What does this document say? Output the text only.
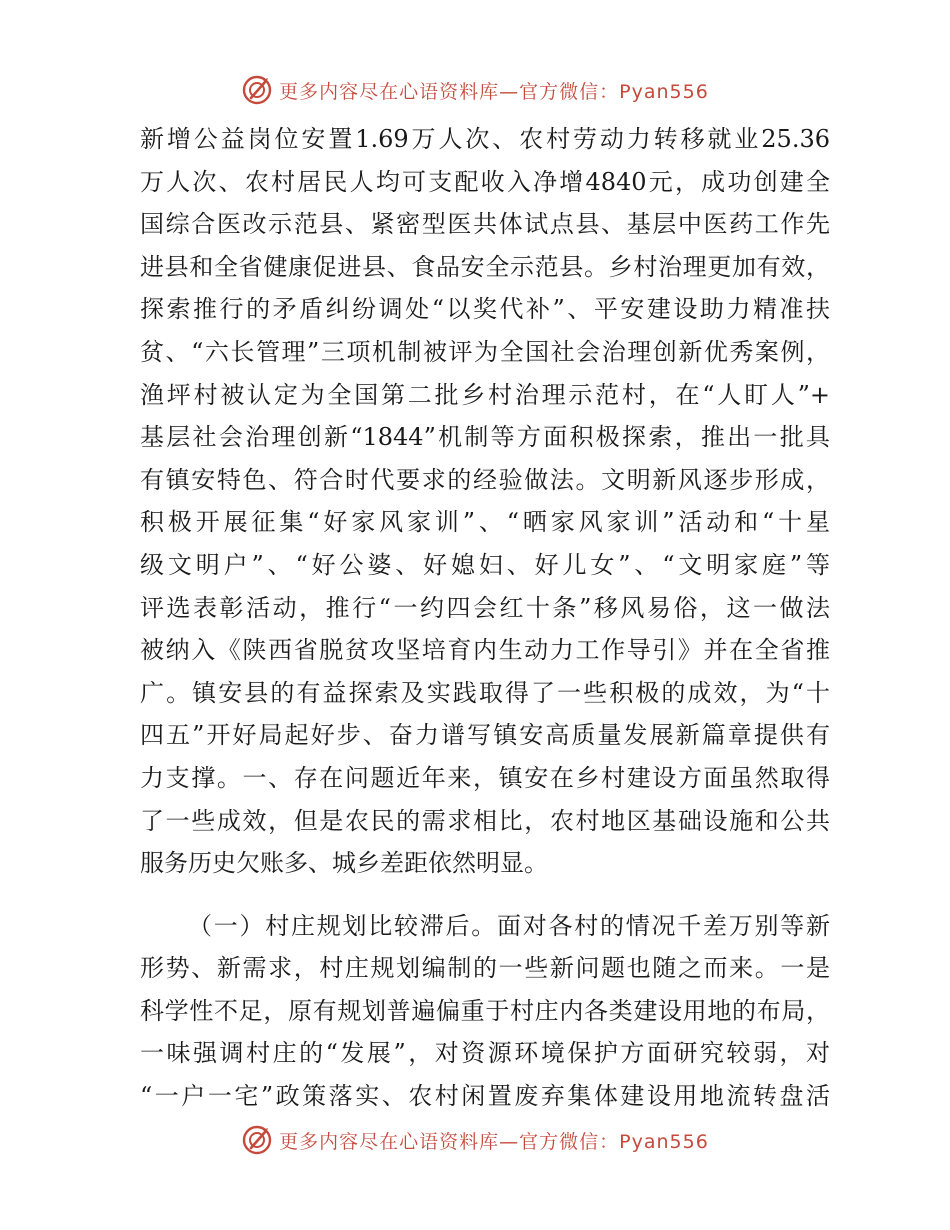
更多内容尽在心语资料库—官方微信：Pyan556
新增公益岗位安置1.69万人次、农村劳动力转移就业25.36
万人次、农村居民人均可支配收入净增4840元，成功创建全
国综合医改示范县、紧密型医共体试点县、基层中医药工作先
进县和全省健康促进县、食品安全示范县。乡村治理更加有效，
探索推行的矛盾纠纷调处“以奖代补”、平安建设助力精准扶
贫、“六长管理”三项机制被评为全国社会治理创新优秀案例，
渔坪村被认定为全国第二批乡村治理示范村，在“人盯人”+
基层社会治理创新“1844”机制等方面积极探索，推出一批具
有镇安特色、符合时代要求的经验做法。文明新风逐步形成，
积极开展征集“好家风家训”、“晒家风家训”活动和“十星
级文明户”、“好公婆、好媳妇、好儿女”、“文明家庭”等
评选表彰活动，推行“一约四会红十条”移风易俗，这一做法
被纳入《陕西省脱贫攻坚培育内生动力工作导引》并在全省推
广。镇安县的有益探索及实践取得了一些积极的成效，为“十
四五”开好局起好步、奋力谱写镇安高质量发展新篇章提供有
力支撑。一、存在问题近年来，镇安在乡村建设方面虽然取得
了一些成效，但是农民的需求相比，农村地区基础设施和公共
服务历史欠账多、城乡差距依然明显。
（一）村庄规划比较滞后。面对各村的情况千差万别等新
形势、新需求，村庄规划编制的一些新问题也随之而来。一是
科学性不足，原有规划普遍偏重于村庄内各类建设用地的布局，
一味强调村庄的“发展”，对资源环境保护方面研究较弱，对
“一户一宅”政策落实、农村闲置废弃集体建设用地流转盘活
更多内容尽在心语资料库—官方微信：Pyan556
